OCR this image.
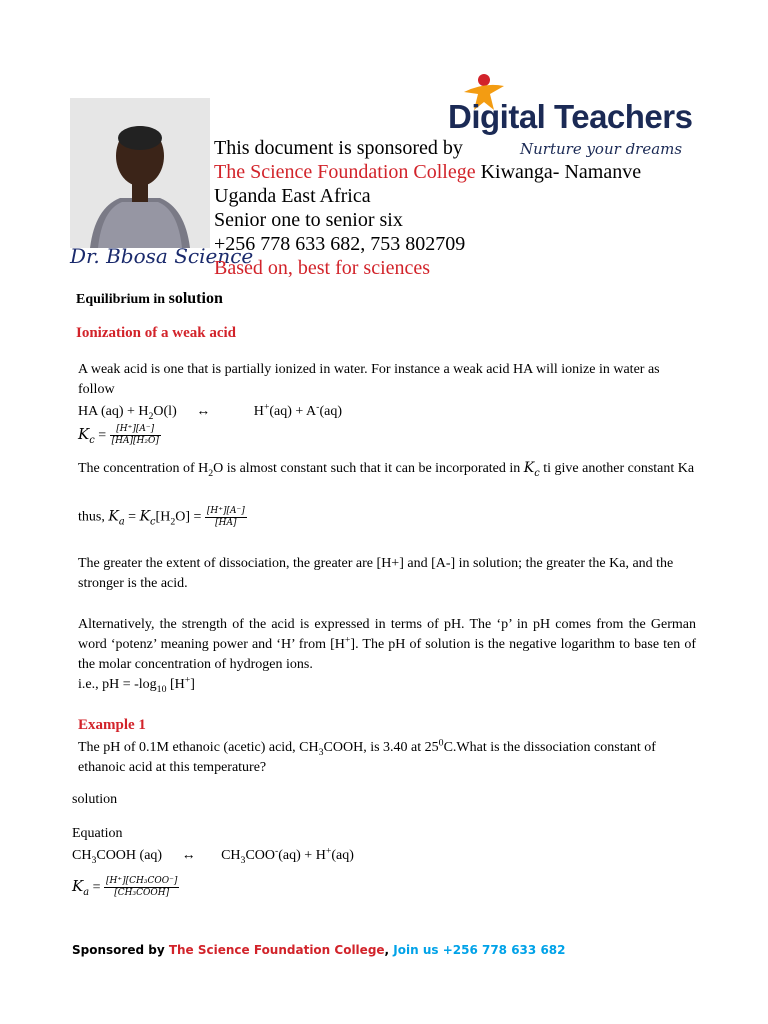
Dr. Bbosa Science
Digital Teachers
Nurture your dreams
This document is sponsored by
The Science Foundation College Kiwanga- Namanve
Uganda East Africa
Senior one to senior six
+256 778 633 682, 753 802709
Based on, best for sciences
Equilibrium in solution
Ionization of a weak acid
A weak acid is one that is partially ionized in water. For instance a weak acid HA will ionize in water as follow
HA $(aq) + H_2O(l)$ ↔	H+(aq) + A-(aq)
$K_c = \frac{[H^+][A^-]}{\text{[HA][H₂O]}}$
The concentration of $H_2O$ is almost constant such that it can be incorporated in $K_c$ ti give another constant Ka
thus, $K_a = K_c[H_2O] = \frac{[H^+][A^-]}{[HA]}$
The greater the extent of dissociation, the greater are [H+] and [A-] in solution; the greater the Ka, and the stronger is the acid.
Alternatively, the strength of the acid is expressed in terms of pH. The ‘p’ in pH comes from the German word ‘potenz’ meaning power and ‘H’ from [H+]. The pH of solution is the negative logarithm to base ten of the molar concentration of hydrogen ions.
i.e., pH = $-\log_{10}$ [H+]
Example 1
The pH of 0.1M ethanoic (acetic) acid, $CH_3COOH$, is 3.40 at $25^0C.What$ is the dissociation constant of ethanoic acid at this temperature?
solution
Equation
$CH_3COOH$ (aq) ↔ $CH_3COO^-(aq) + H^+(aq)$
$K_a = \frac{\text{[H⁺][CH₃COO⁻]}}{\text{[CH₃COOH]}}$
Sponsored by The Science Foundation College, Join us +256 778 633 682
